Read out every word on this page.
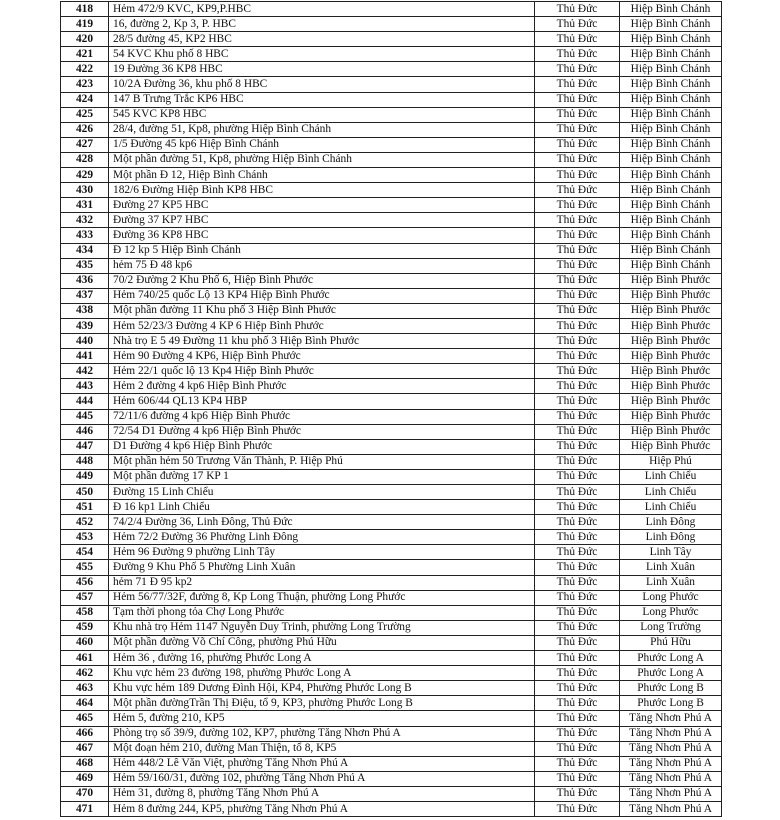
418	Hẻm 472/9 KVC, KP9,P.HBC	Thủ Đức	Hiệp Bình Chánh
419	16, đường 2, Kp 3, P. HBC	Thủ Đức	Hiệp Bình Chánh
420	28/5 đường 45, KP2 HBC	Thủ Đức	Hiệp Bình Chánh
421	54 KVC Khu phố 8 HBC	Thủ Đức	Hiệp Bình Chánh
422	19 Đường 36 KP8 HBC	Thủ Đức	Hiệp Bình Chánh
423	10/2A Đường 36, khu phố 8 HBC	Thủ Đức	Hiệp Bình Chánh
424	147 B Trưng Trắc KP6 HBC	Thủ Đức	Hiệp Bình Chánh
425	545 KVC KP8 HBC	Thủ Đức	Hiệp Bình Chánh
426	28/4, đường 51, Kp8, phường Hiệp Bình Chánh	Thủ Đức	Hiệp Bình Chánh
427	1/5 Đường 45 kp6 Hiệp Bình Chánh	Thủ Đức	Hiệp Bình Chánh
428	Một phần đường 51, Kp8, phường Hiệp Bình Chánh	Thủ Đức	Hiệp Bình Chánh
429	Một phần Đ 12, Hiệp Bình Chánh	Thủ Đức	Hiệp Bình Chánh
430	182/6 Đường Hiệp Bình KP8 HBC	Thủ Đức	Hiệp Bình Chánh
431	Đường 27 KP5 HBC	Thủ Đức	Hiệp Bình Chánh
432	Đường 37 KP7 HBC	Thủ Đức	Hiệp Bình Chánh
433	Đường 36 KP8 HBC	Thủ Đức	Hiệp Bình Chánh
434	Đ 12 kp 5 Hiệp Bình Chánh	Thủ Đức	Hiệp Bình Chánh
435	hẻm 75 Đ 48 kp6	Thủ Đức	Hiệp Bình Chánh
436	70/2 Đường 2 Khu Phố 6, Hiệp Bình Phước	Thủ Đức	Hiệp Bình Phước
437	Hẻm 740/25 quốc Lộ 13 KP4 Hiệp Bình Phước	Thủ Đức	Hiệp Bình Phước
438	Một phần đường 11 Khu phố 3 Hiệp Bình Phước	Thủ Đức	Hiệp Bình Phước
439	Hẻm 52/23/3 Đường 4 KP 6 Hiệp Bình Phước	Thủ Đức	Hiệp Bình Phước
440	Nhà trọ E 5 49 Đường 11 khu phố 3 Hiệp Bình Phước	Thủ Đức	Hiệp Bình Phước
441	Hẻm 90 Đường 4 KP6, Hiệp Bình Phước	Thủ Đức	Hiệp Bình Phước
442	Hẻm 22/1 quốc lộ 13 Kp4 Hiệp Bình Phước	Thủ Đức	Hiệp Bình Phước
443	Hẻm 2 đường 4 kp6 Hiệp Bình Phước	Thủ Đức	Hiệp Bình Phước
444	Hẻm 606/44 QL13 KP4 HBP	Thủ Đức	Hiệp Bình Phước
445	72/11/6 đường 4 kp6 Hiệp Bình Phước	Thủ Đức	Hiệp Bình Phước
446	72/54 D1 Đường 4 kp6 Hiệp Bình Phước	Thủ Đức	Hiệp Bình Phước
447	D1 Đường 4 kp6 Hiệp Bình Phước	Thủ Đức	Hiệp Bình Phước
448	Một phần hẻm 50 Trương Văn Thành, P. Hiệp Phú	Thủ Đức	Hiệp Phú
449	Một phần đường 17 KP 1	Thủ Đức	Linh Chiểu
450	Đường 15 Linh Chiểu	Thủ Đức	Linh Chiểu
451	Đ 16 kp1 Linh Chiểu	Thủ Đức	Linh Chiểu
452	74/2/4 Đường 36, Linh Đông, Thủ Đức	Thủ Đức	Linh Đông
453	Hẻm 72/2 Đường 36 Phường Linh Đông	Thủ Đức	Linh Đông
454	Hẻm 96 Đường 9 phường Linh Tây	Thủ Đức	Linh Tây
455	Đường 9 Khu Phố 5 Phường Linh Xuân	Thủ Đức	Linh Xuân
456	hẻm 71 Đ 95 kp2	Thủ Đức	Linh Xuân
457	Hẻm 56/77/32F, đường 8, Kp Long Thuận, phường Long Phước	Thủ Đức	Long Phước
458	Tạm thời phong tỏa Chợ Long Phước	Thủ Đức	Long Phước
459	Khu nhà trọ Hẻm 1147 Nguyễn Duy Trinh, phường Long Trường	Thủ Đức	Long Trường
460	Một phần đường Võ Chí Công, phường Phú Hữu	Thủ Đức	Phú Hữu
461	Hẻm 36 , đường 16, phường Phước Long A	Thủ Đức	Phước Long A
462	Khu vực hẻm 23 đường 198, phường Phước Long A	Thủ Đức	Phước Long A
463	Khu vực hẻm 189 Dương Đình Hội, KP4, Phường Phước Long B	Thủ Đức	Phước Long B
464	Một phần đườngTrần Thị Điệu, tổ 9, KP3, phường Phước Long B	Thủ Đức	Phước Long B
465	Hẻm 5, đường 210, KP5	Thủ Đức	Tăng Nhơn Phú A
466	Phòng trọ số 39/9, đường 102, KP7, phường Tăng Nhơn Phú A	Thủ Đức	Tăng Nhơn Phú A
467	Một đoạn hẻm 210, đường Man Thiện, tổ 8, KP5	Thủ Đức	Tăng Nhơn Phú A
468	Hẻm 448/2 Lê Văn Việt, phường Tăng Nhơn Phú A	Thủ Đức	Tăng Nhơn Phú A
469	Hẻm 59/160/31, đường 102, phường Tăng Nhơn Phú A	Thủ Đức	Tăng Nhơn Phú A
470	Hẻm 31, đường 8, phường Tăng Nhơn Phú A	Thủ Đức	Tăng Nhơn Phú A
471	Hẻm 8 đường 244, KP5, phường Tăng Nhơn Phú A	Thủ Đức	Tăng Nhơn Phú A
